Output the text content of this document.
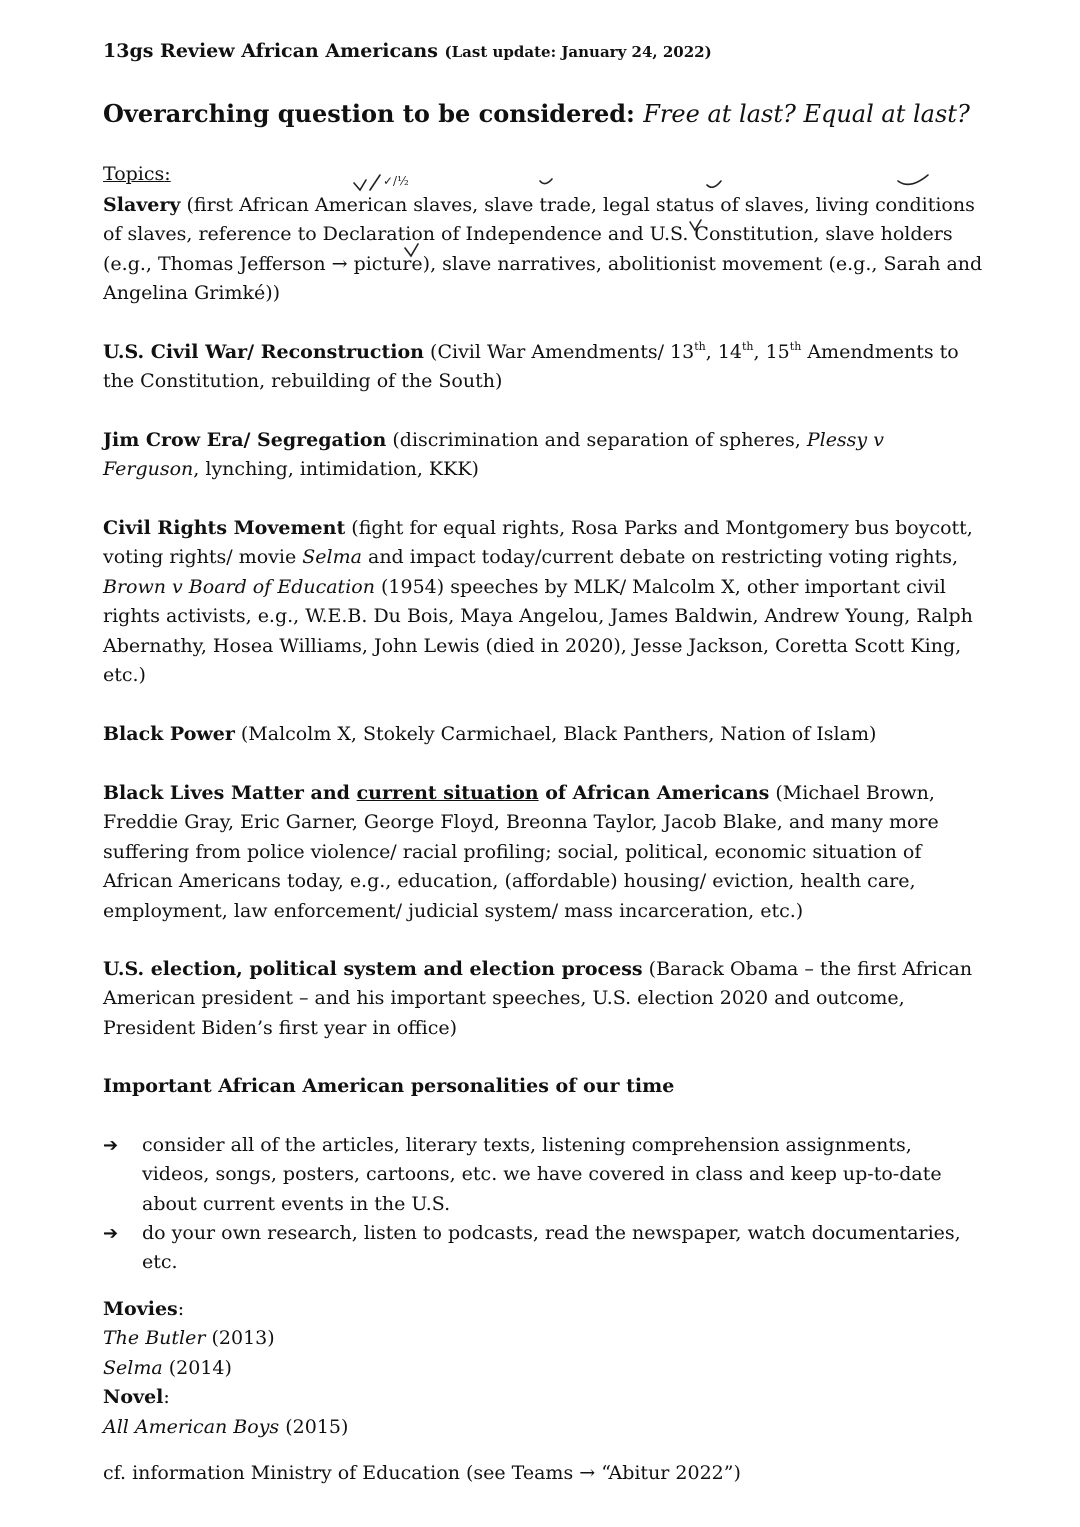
13gs Review African Americans (Last update: January 24, 2022)
Overarching question to be considered: Free at last? Equal at last?
Topics:
Slavery (first African American slaves, slave trade, legal status of slaves, living conditions of slaves, reference to Declaration of Independence and U.S. Constitution, slave holders (e.g., Thomas Jefferson → picture), slave narratives, abolitionist movement (e.g., Sarah and Angelina Grimké))
U.S. Civil War/ Reconstruction (Civil War Amendments/ 13th, 14th, 15th Amendments to the Constitution, rebuilding of the South)
Jim Crow Era/ Segregation (discrimination and separation of spheres, Plessy v Ferguson, lynching, intimidation, KKK)
Civil Rights Movement (fight for equal rights, Rosa Parks and Montgomery bus boycott, voting rights/ movie Selma and impact today/current debate on restricting voting rights, Brown v Board of Education (1954) speeches by MLK/ Malcolm X, other important civil rights activists, e.g., W.E.B. Du Bois, Maya Angelou, James Baldwin, Andrew Young, Ralph Abernathy, Hosea Williams, John Lewis (died in 2020), Jesse Jackson, Coretta Scott King, etc.)
Black Power (Malcolm X, Stokely Carmichael, Black Panthers, Nation of Islam)
Black Lives Matter and current situation of African Americans (Michael Brown, Freddie Gray, Eric Garner, George Floyd, Breonna Taylor, Jacob Blake, and many more suffering from police violence/ racial profiling; social, political, economic situation of African Americans today, e.g., education, (affordable) housing/ eviction, health care, employment, law enforcement/ judicial system/ mass incarceration, etc.)
U.S. election, political system and election process (Barack Obama – the first African American president – and his important speeches, U.S. election 2020 and outcome, President Biden’s first year in office)
Important African American personalities of our time
➔ consider all of the articles, literary texts, listening comprehension assignments, videos, songs, posters, cartoons, etc. we have covered in class and keep up-to-date about current events in the U.S.
➔ do your own research, listen to podcasts, read the newspaper, watch documentaries, etc.
Movies:
The Butler (2013)
Selma (2014)
Novel:
All American Boys (2015)
cf. information Ministry of Education (see Teams → “Abitur 2022”)
✓/½
